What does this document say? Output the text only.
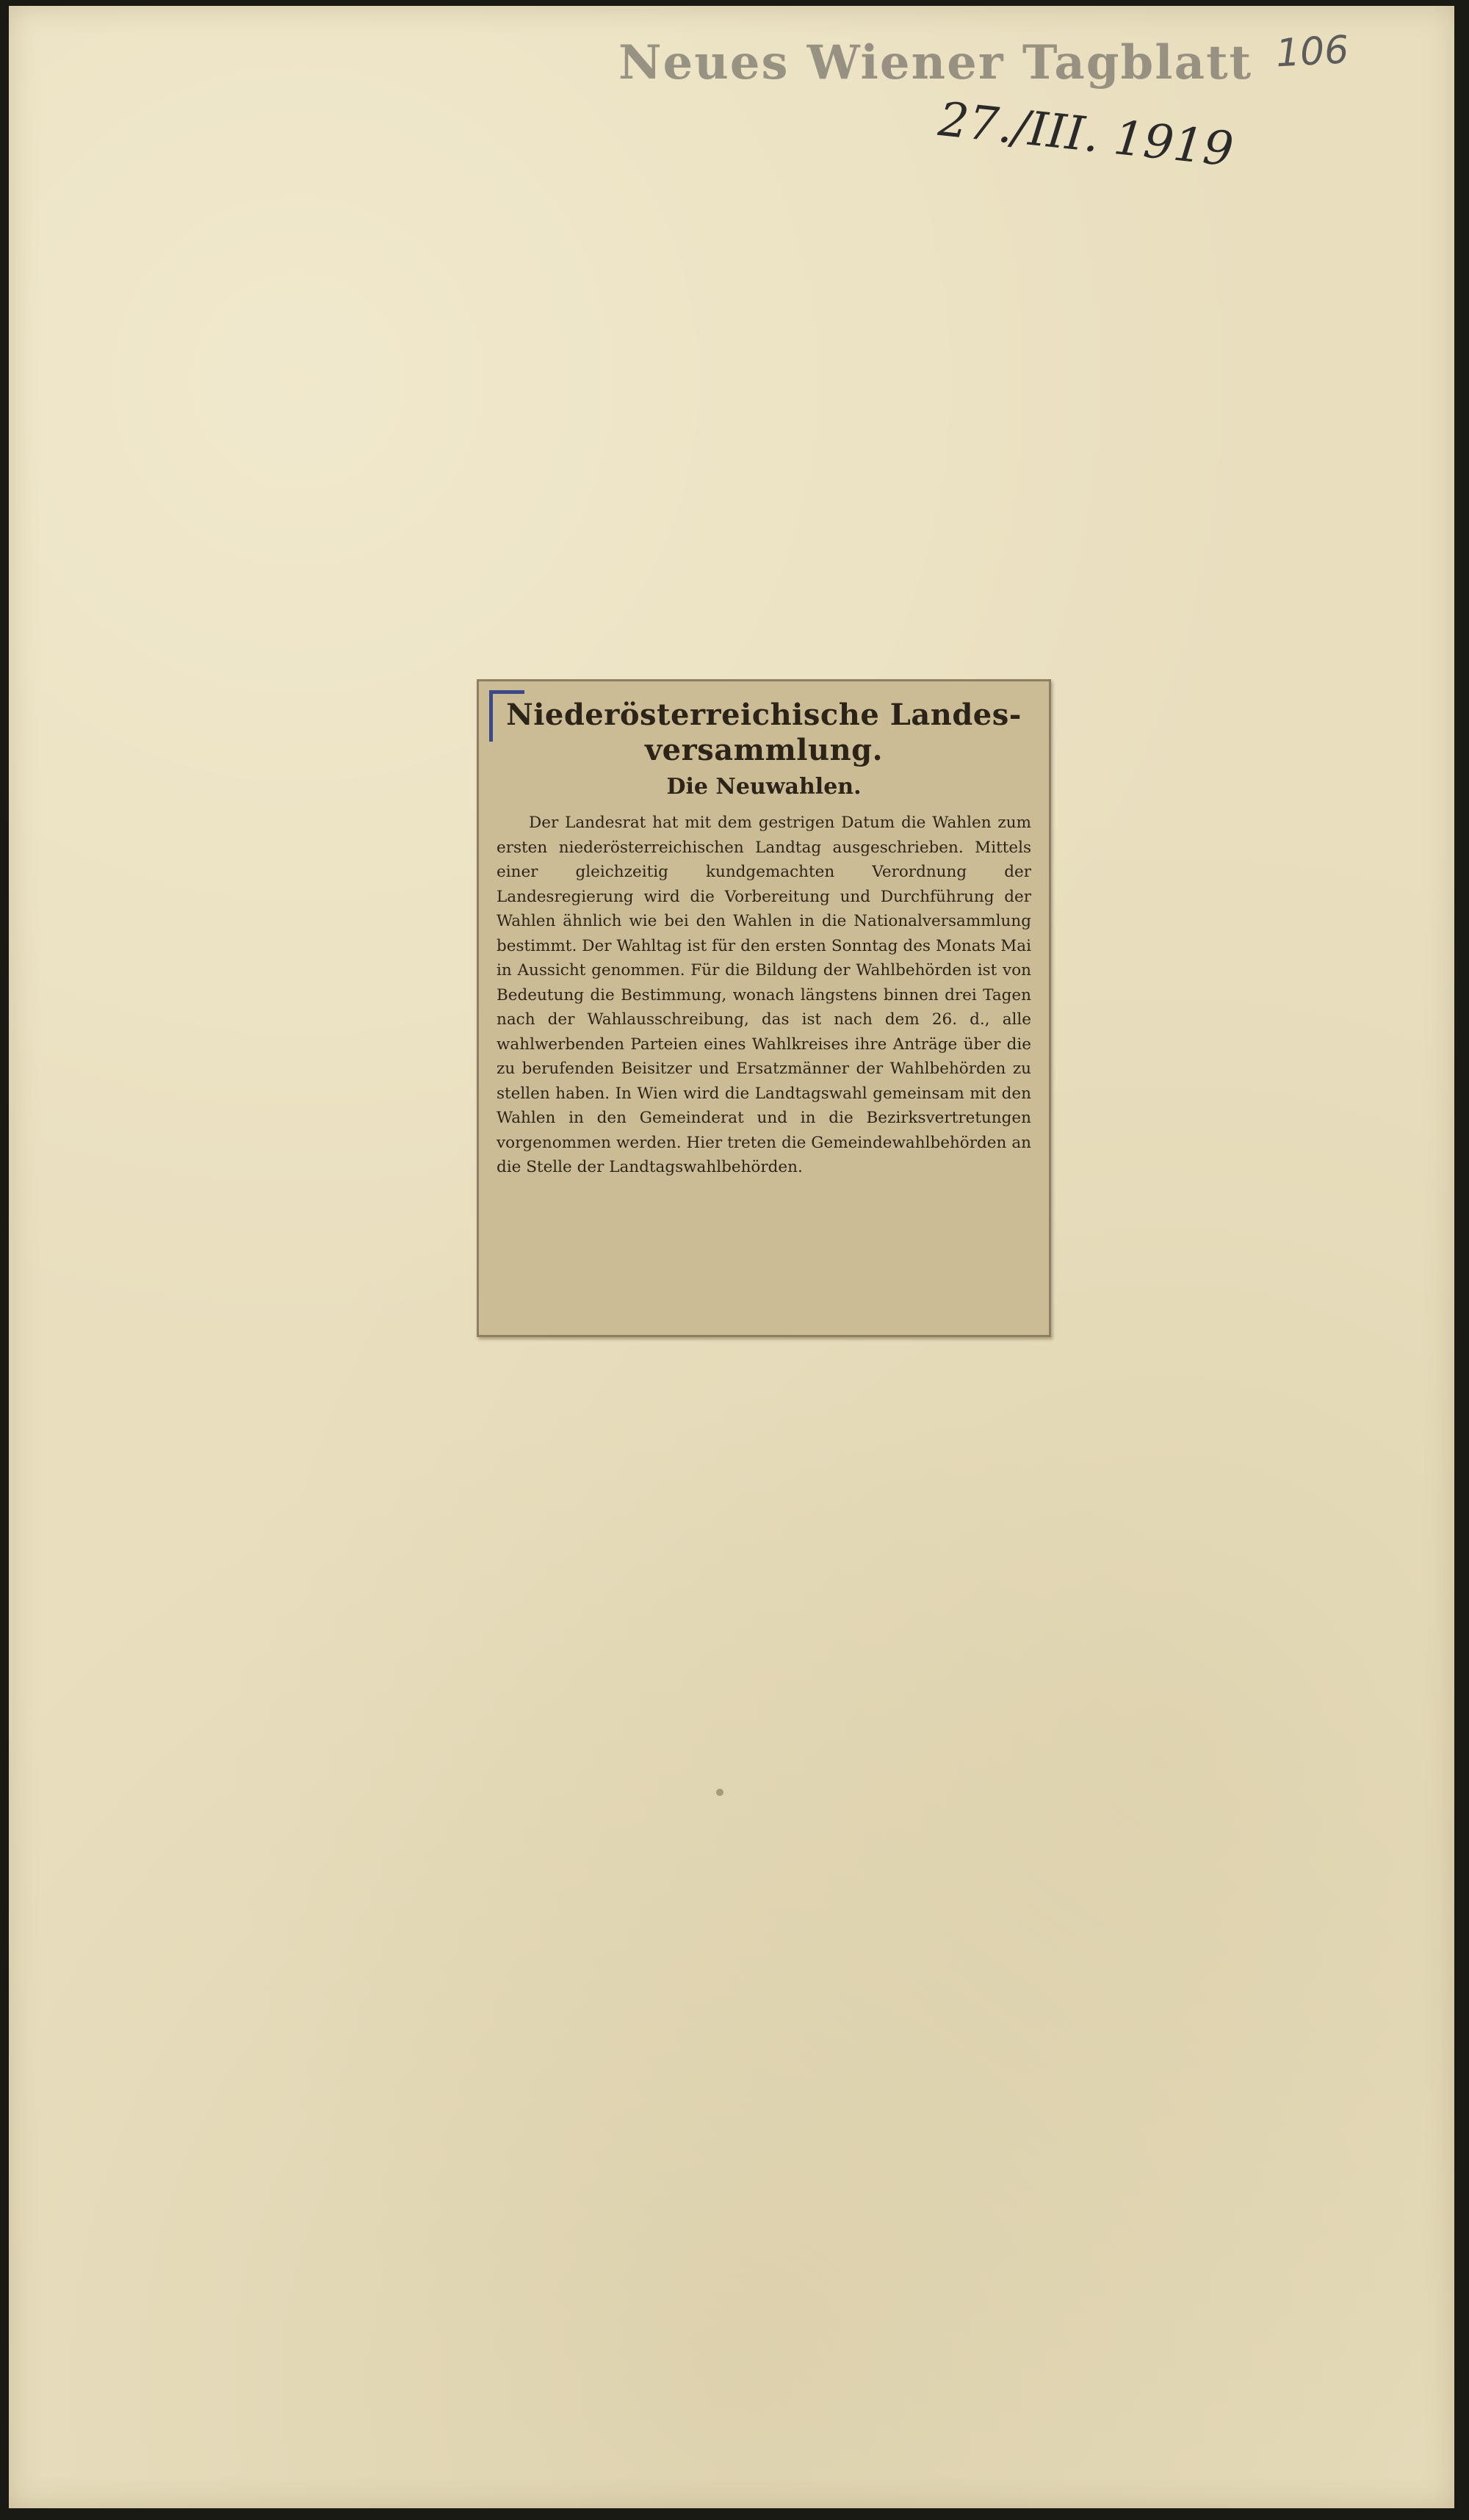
Neues Wiener Tagblatt
27./III. 1919
106
Niederösterreichische Landes-
versammlung.
Die Neuwahlen.

Der Landesrat hat mit dem gestrigen Datum die Wahlen zum ersten niederösterreichischen Landtag ausgeschrieben. Mittels einer gleichzeitig kundgemachten Verordnung der Landesregierung wird die Vorbereitung und Durchführung der Wahlen ähnlich wie bei den Wahlen in die Nationalversammlung bestimmt. Der Wahltag ist für den ersten Sonntag des Monats Mai in Aussicht genommen. Für die Bildung der Wahlbehörden ist von Bedeutung die Bestimmung, wonach längstens binnen drei Tagen nach der Wahlausschreibung, das ist nach dem 26. d., alle wahlwerbenden Parteien eines Wahlkreises ihre Anträge über die zu berufenden Beisitzer und Ersatzmänner der Wahlbehörden zu stellen haben. In Wien wird die Landtagswahl gemeinsam mit den Wahlen in den Gemeinderat und in die Bezirksvertretungen vorgenommen werden. Hier treten die Gemeindewahlbehörden an die Stelle der Landtagswahlbehörden.
